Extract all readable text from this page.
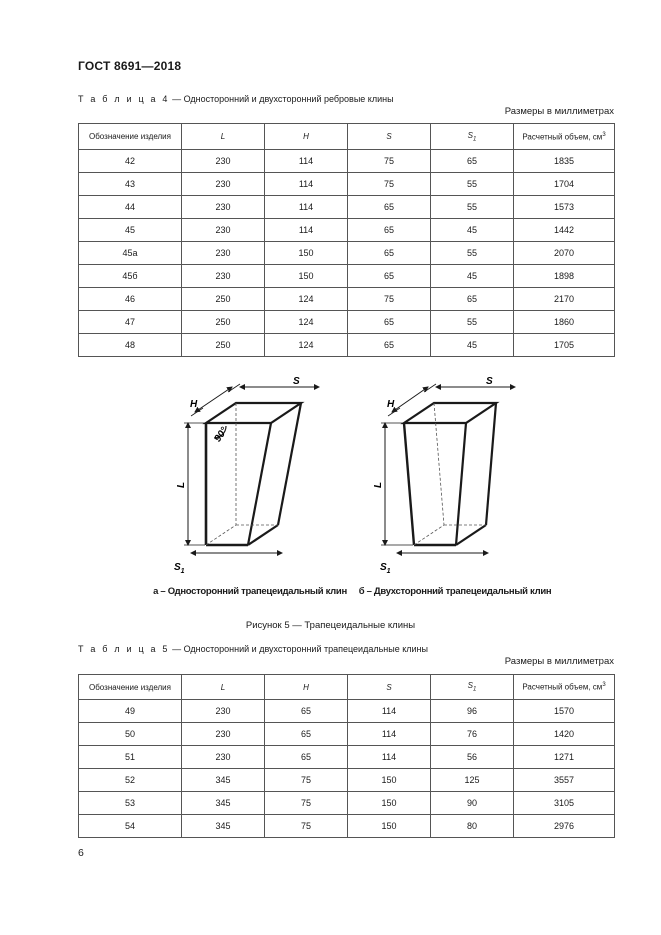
ГОСТ 8691—2018
Т а б л и ц а 4 — Односторонний и двухсторонний ребровые клины
Размеры в миллиметрах
Обозначение изделия	L	H	S	$S_1$	Расчетный объем, $см^3$
42	230	114	75	65	1835
43	230	114	75	55	1704
44	230	114	65	55	1573
45	230	114	65	45	1442
45а	230	150	65	55	2070
45б	230	150	65	45	1898
46	250	124	75	65	2170
47	250	124	65	55	1860
48	250	124	65	45	1705
90°
H
S
L
$S_1$
H
S
L
$S_1$
а – Односторонний трапецеидальный клин	б – Двухсторонний трапецеидальный клин
Рисунок 5 — Трапецеидальные клины
Т а б л и ц а 5 — Односторонний и двухсторонний трапецеидальные клины
Размеры в миллиметрах
Обозначение изделия	L	H	S	$S_1$	Расчетный объем, $см^3$
49	230	65	114	96	1570
50	230	65	114	76	1420
51	230	65	114	56	1271
52	345	75	150	125	3557
53	345	75	150	90	3105
54	345	75	150	80	2976
6
